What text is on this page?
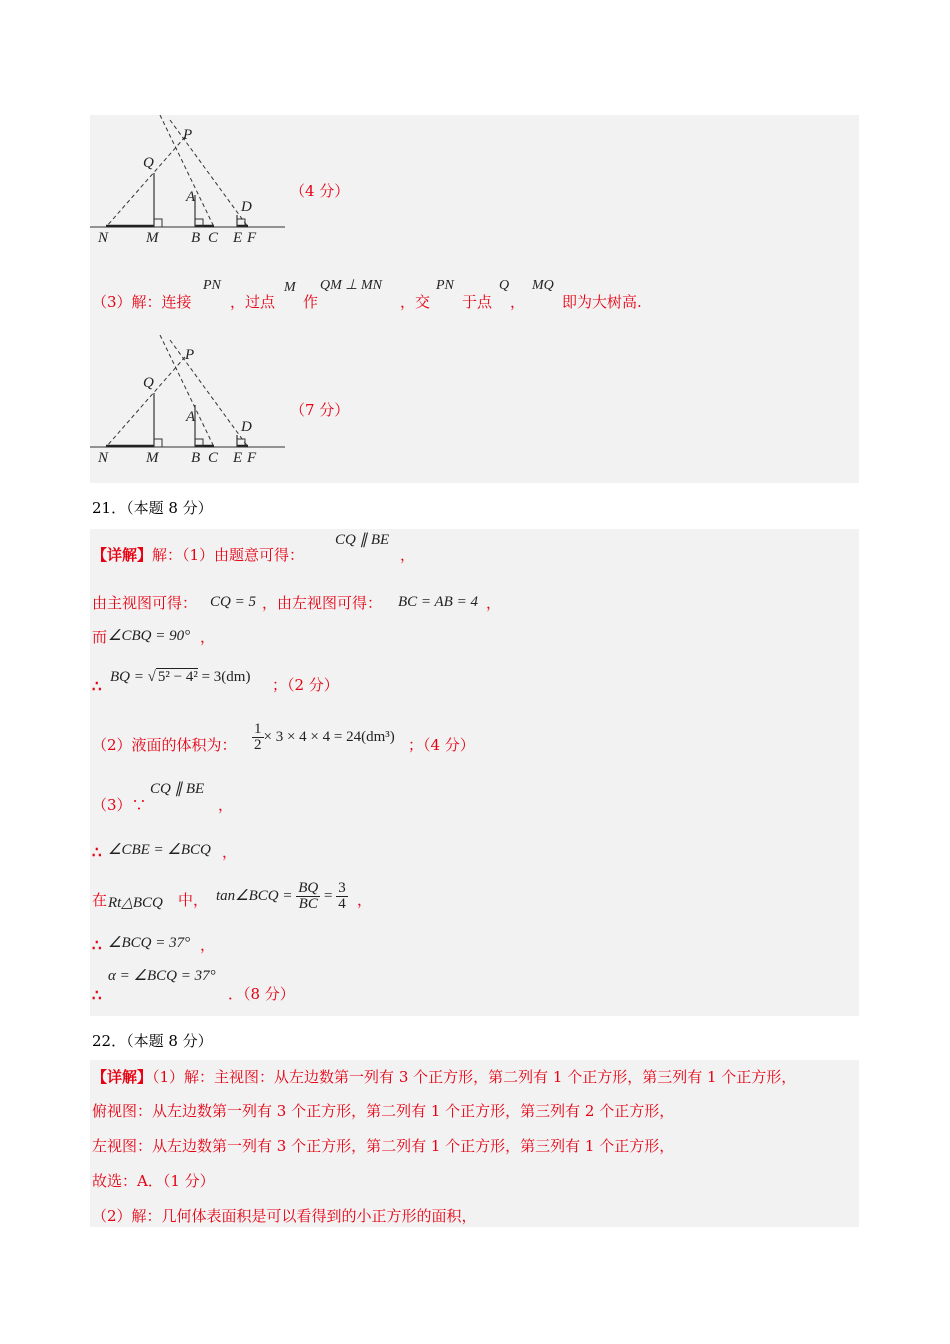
P
Q
A
D
N	M B C E F
（4 分）
（3）解：连接
PN
，过点
M
作
QM ⊥ MN
，交
PN
于点
Q
，
MQ
即为大树高.
P
Q
A
D
N	M B C E F
（7 分）
21．（本题 8 分）
【详解】解：（1）由题意可得：
CQ ∥ BE
，
由主视图可得： CQ = 5 ，由左视图可得： BC = AB = 4 ，
而 ∠CBQ = 90° ，
∴ BQ = √ 5² − 4² = 3(dm) ；（2 分）
（2）液面的体积为： $\frac{1}{2} \times 3 \times 4 \times 4 = 24(dm^3)$ ；（4 分）
（3）∵
CQ ∥ BE
，
∴ ∠CBE = ∠BCQ ，
在 Rt△BCQ 中， tan∠BCQ = $\frac{BQ}{BC} = \frac{3}{4}$ ，
∴ ∠BCQ = 37° ，
∴
α = ∠BCQ = 37°
．（8 分）
22．（本题 8 分）
【详解】（1）解：主视图：从左边数第一列有 3 个正方形，第二列有 1 个正方形，第三列有 1 个正方形，
俯视图：从左边数第一列有 3 个正方形，第二列有 1 个正方形，第三列有 2 个正方形，
左视图：从左边数第一列有 3 个正方形，第二列有 1 个正方形，第三列有 1 个正方形，
故选：A．（1 分）
（2）解：几何体表面积是可以看得到的小正方形的面积，
